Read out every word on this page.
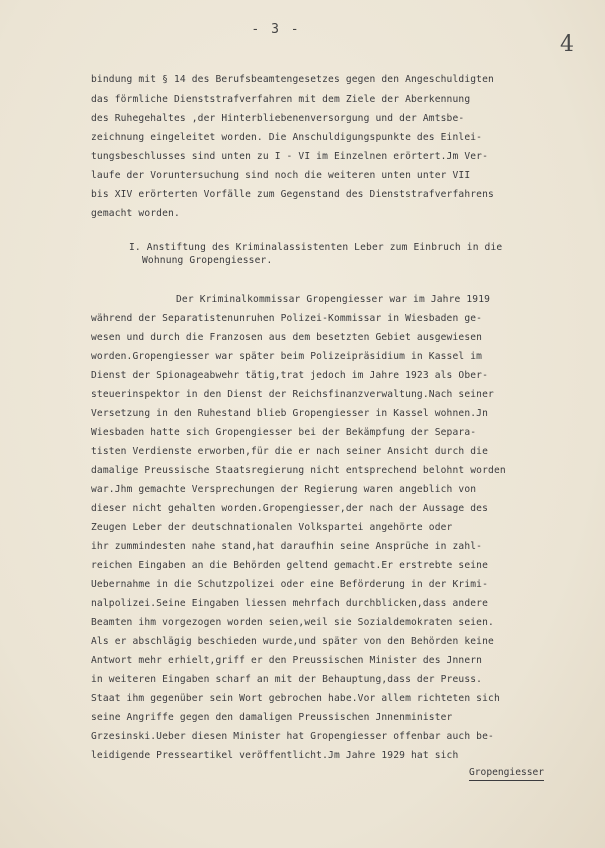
- 3 -
4
bindung mit § 14 des Berufsbeamtengesetzes gegen den Angeschuldigten
das förmliche Dienststrafverfahren mit dem Ziele der Aberkennung
des Ruhegehaltes ,der Hinterbliebenenversorgung und der Amtsbe-
zeichnung eingeleitet worden. Die Anschuldigungspunkte des Einlei-
tungsbeschlusses sind unten zu I - VI im Einzelnen erörtert.Jm Ver-
laufe der Voruntersuchung sind noch die weiteren unten unter VII
bis XIV erörterten Vorfälle zum Gegenstand des Dienststrafverfahrens
gemacht worden.
I. Anstiftung des Kriminalassistenten Leber zum Einbruch in die
Wohnung Gropengiesser.
Der Kriminalkommissar Gropengiesser war im Jahre 1919
während der Separatistenunruhen Polizei-Kommissar in Wiesbaden ge-
wesen und durch die Franzosen aus dem besetzten Gebiet ausgewiesen
worden.Gropengiesser war später beim Polizeipräsidium in Kassel im
Dienst der Spionageabwehr tätig,trat jedoch im Jahre 1923 als Ober-
steuerinspektor in den Dienst der Reichsfinanzverwaltung.Nach seiner
Versetzung in den Ruhestand blieb Gropengiesser in Kassel wohnen.Jn
Wiesbaden hatte sich Gropengiesser bei der Bekämpfung der Separa-
tisten Verdienste erworben,für die er nach seiner Ansicht durch die
damalige Preussische Staatsregierung nicht entsprechend belohnt worden
war.Jhm gemachte Versprechungen der Regierung waren angeblich von
dieser nicht gehalten worden.Gropengiesser,der nach der Aussage des
Zeugen Leber der deutschnationalen Volkspartei angehörte oder
ihr zummindesten nahe stand,hat daraufhin seine Ansprüche in zahl-
reichen Eingaben an die Behörden geltend gemacht.Er erstrebte seine
Uebernahme in die Schutzpolizei oder eine Beförderung in der Krimi-
nalpolizei.Seine Eingaben liessen mehrfach durchblicken,dass andere
Beamten ihm vorgezogen worden seien,weil sie Sozialdemokraten seien.
Als er abschlägig beschieden wurde,und später von den Behörden keine
Antwort mehr erhielt,griff er den Preussischen Minister des Jnnern
in weiteren Eingaben scharf an mit der Behauptung,dass der Preuss.
Staat ihm gegenüber sein Wort gebrochen habe.Vor allem richteten sich
seine Angriffe gegen den damaligen Preussischen Jnnenminister
Grzesinski.Ueber diesen Minister hat Gropengiesser offenbar auch be-
leidigende Presseartikel veröffentlicht.Jm Jahre 1929 hat sich
Gropengiesser
